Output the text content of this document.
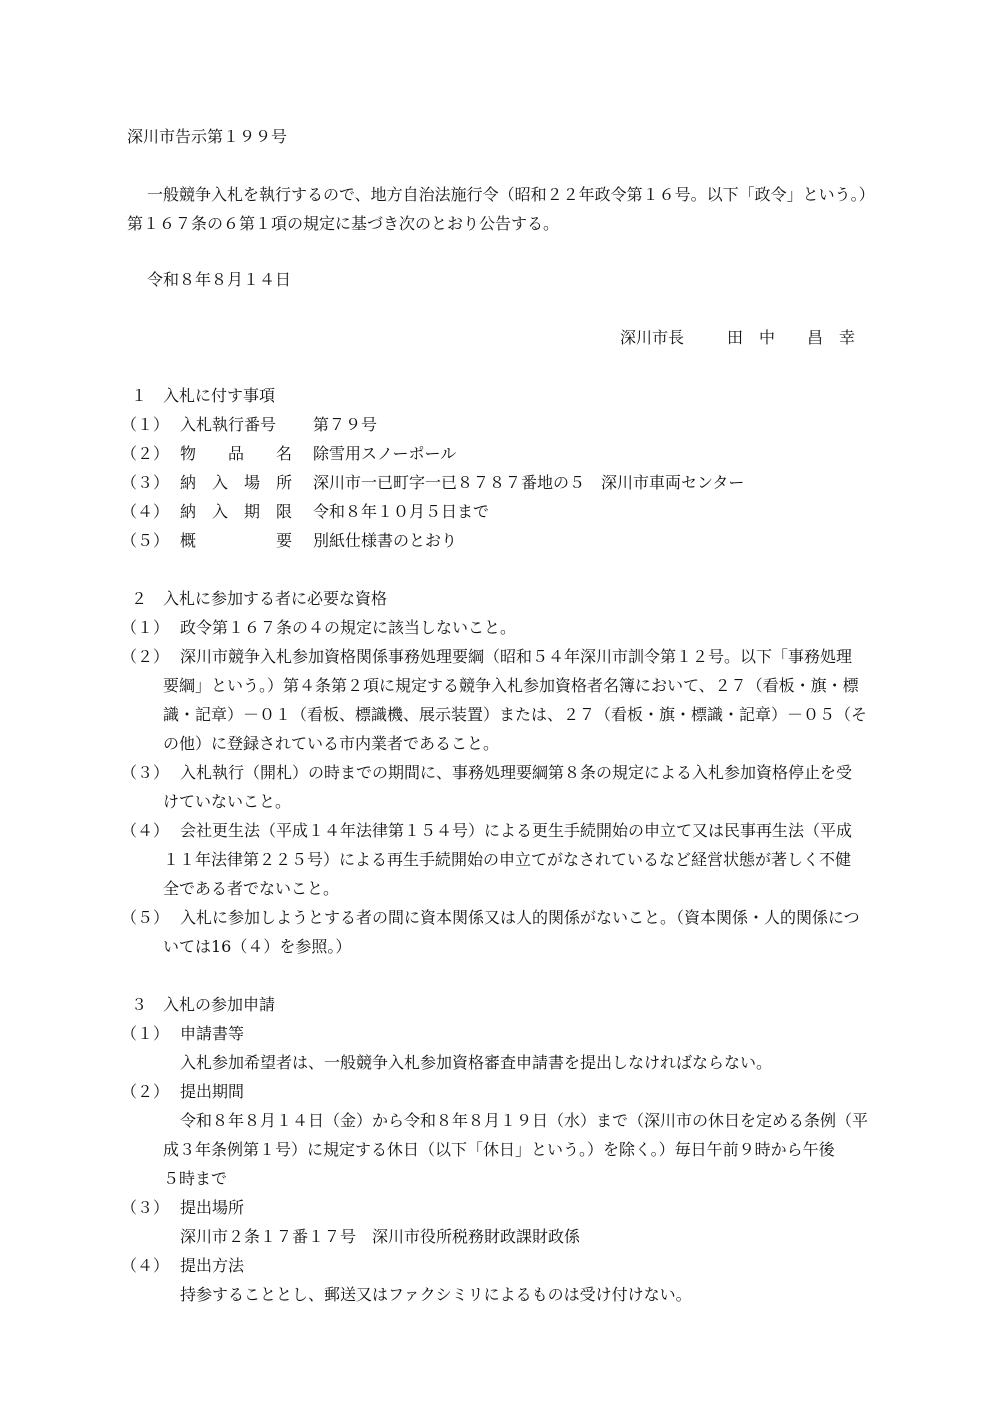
深川市告示第１９９号
一般競争入札を執行するので、地方自治法施行令（昭和２２年政令第１６号。以下「政令」という。）
第１６７条の６第１項の規定に基づき次のとおり公告する。
令和８年８月１４日
深川市長	田　中　　昌　幸
１　入札に付す事項
（１） 入札執行番号 第７９号
（２） 物　　品　　名 除雪用スノーポール
（３） 納　入　場　所 深川市一已町字一已８７８７番地の５　深川市車両センター
（４） 納　入　期　限 令和８年１０月５日まで
（５） 概　　　　　要 別紙仕様書のとおり
２　入札に参加する者に必要な資格
（１） 政令第１６７条の４の規定に該当しないこと。
（２） 深川市競争入札参加資格関係事務処理要綱（昭和５４年深川市訓令第１２号。以下「事務処理
要綱」という。）第４条第２項に規定する競争入札参加資格者名簿において、２７（看板・旗・標
識・記章）－０１（看板、標識機、展示装置）または、２７（看板・旗・標識・記章）－０５（そ
の他）に登録されている市内業者であること。
（３） 入札執行（開札）の時までの期間に、事務処理要綱第８条の規定による入札参加資格停止を受
けていないこと。
（４） 会社更生法（平成１４年法律第１５４号）による更生手続開始の申立て又は民事再生法（平成
１１年法律第２２５号）による再生手続開始の申立てがなされているなど経営状態が著しく不健
全である者でないこと。
（５） 入札に参加しようとする者の間に資本関係又は人的関係がないこと。（資本関係・人的関係につ
いては16（４）を参照。）
３　入札の参加申請
（１） 申請書等
入札参加希望者は、一般競争入札参加資格審査申請書を提出しなければならない。
（２） 提出期間
令和８年８月１４日（金）から令和８年８月１９日（水）まで（深川市の休日を定める条例（平
成３年条例第１号）に規定する休日（以下「休日」という。）を除く。）毎日午前９時から午後
５時まで
（３） 提出場所
深川市２条１７番１７号　深川市役所税務財政課財政係
（４） 提出方法
持参することとし、郵送又はファクシミリによるものは受け付けない。
